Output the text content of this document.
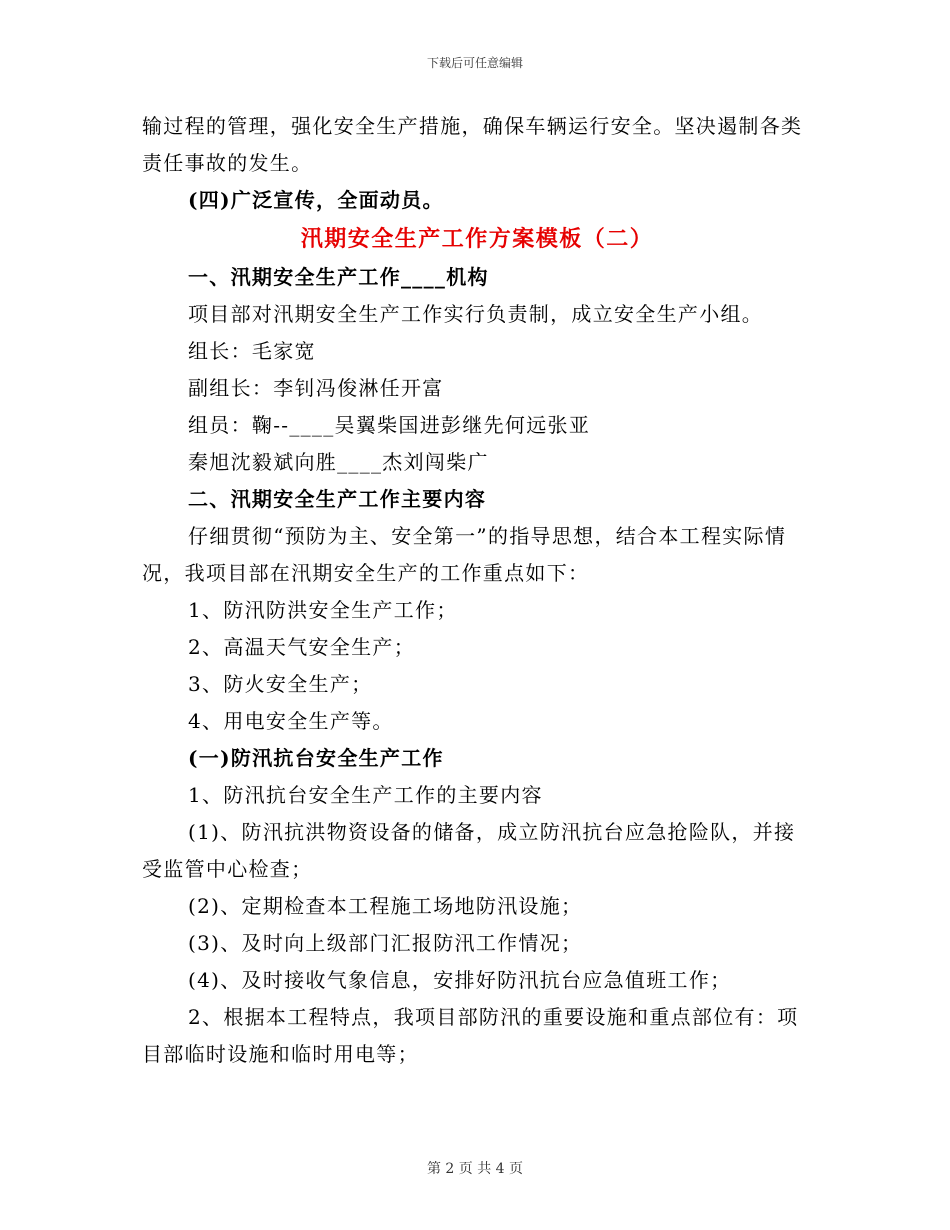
下载后可任意编辑

输过程的管理，强化安全生产措施，确保车辆运行安全。坚决遏制各类责任事故的发生。

(四)广泛宣传，全面动员。

汛期安全生产工作方案模板（二）

一、汛期安全生产工作____机构

项目部对汛期安全生产工作实行负责制，成立安全生产小组。

组长：毛家宽

副组长：李钊冯俊淋任开富

组员：鞠--____吴翼柴国进彭继先何远张亚

秦旭沈毅斌向胜____杰刘闯柴广

二、汛期安全生产工作主要内容

仔细贯彻“预防为主、安全第一”的指导思想，结合本工程实际情况，我项目部在汛期安全生产的工作重点如下：

1、防汛防洪安全生产工作；

2、高温天气安全生产；

3、防火安全生产；

4、用电安全生产等。

(一)防汛抗台安全生产工作

1、防汛抗台安全生产工作的主要内容

(1)、防汛抗洪物资设备的储备，成立防汛抗台应急抢险队，并接受监管中心检查；

(2)、定期检查本工程施工场地防汛设施；

(3)、及时向上级部门汇报防汛工作情况；

(4)、及时接收气象信息，安排好防汛抗台应急值班工作；

2、根据本工程特点，我项目部防汛的重要设施和重点部位有：项目部临时设施和临时用电等；

第 2 页 共 4 页
